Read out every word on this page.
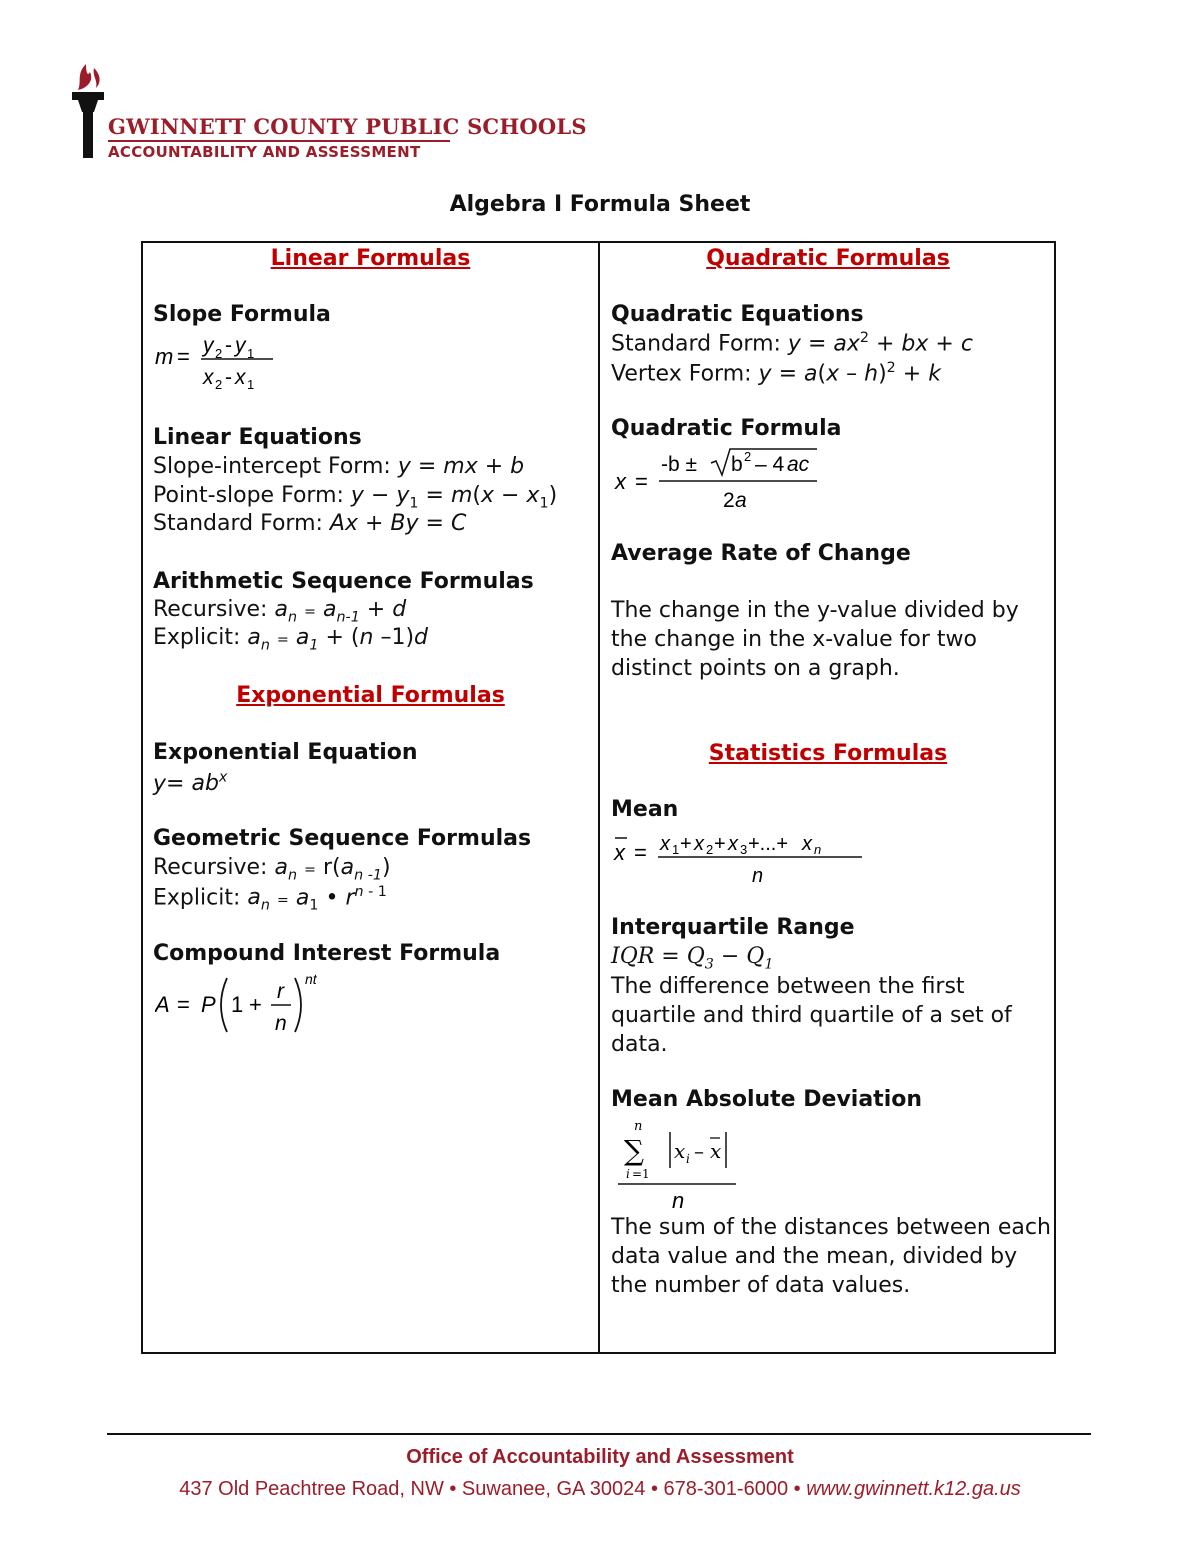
GWINNETT COUNTY PUBLIC SCHOOLS
ACCOUNTABILITY AND ASSESSMENT
Algebra I Formula Sheet
Linear Formulas
Slope Formula
m = y 2 - y 1
x 2 - x 1
Linear Equations
Slope-intercept Form: y = mx + b
Point-slope Form: $y - y_1 = m(x - x_1)$
Standard Form: Ax + By = C
Arithmetic Sequence Formulas
Recursive: $a_n = a_{n-1} + d$
Explicit: $a_n = a_1 + (n$ –1)d
Exponential Formulas
Exponential Equation
$y= ab^x$
Geometric Sequence Formulas
Recursive: $a_n = r(a_{n -1})$
Explicit: $a_n = a_1$ • $r^{n - 1}$
Compound Interest Formula
A = P 1 +
r
n
nt
Quadratic Formulas
Quadratic Equations
Standard Form: $y = ax^2$ + bx + c
Vertex Form: y = a(x – h)$^2$ + k
Quadratic Formula
x =
-b ± b 2 – 4 ac
2 a
Average Rate of Change
The change in the y-value divided by the change in the x-value for two distinct points on a graph.
Statistics Formulas
Mean
x = x 1 + x 2 + x 3 +...+ x n
n
Interquartile Range
IQR = $Q_3 - Q_1$
The difference between the first quartile and third quartile of a set of data.
Mean Absolute Deviation
n
∑
i =1
x i – x
n
The sum of the distances between each data value and the mean, divided by the number of data values.
Office of Accountability and Assessment
437 Old Peachtree Road, NW • Suwanee, GA 30024 • 678-301-6000 • www.gwinnett.k12.ga.us
